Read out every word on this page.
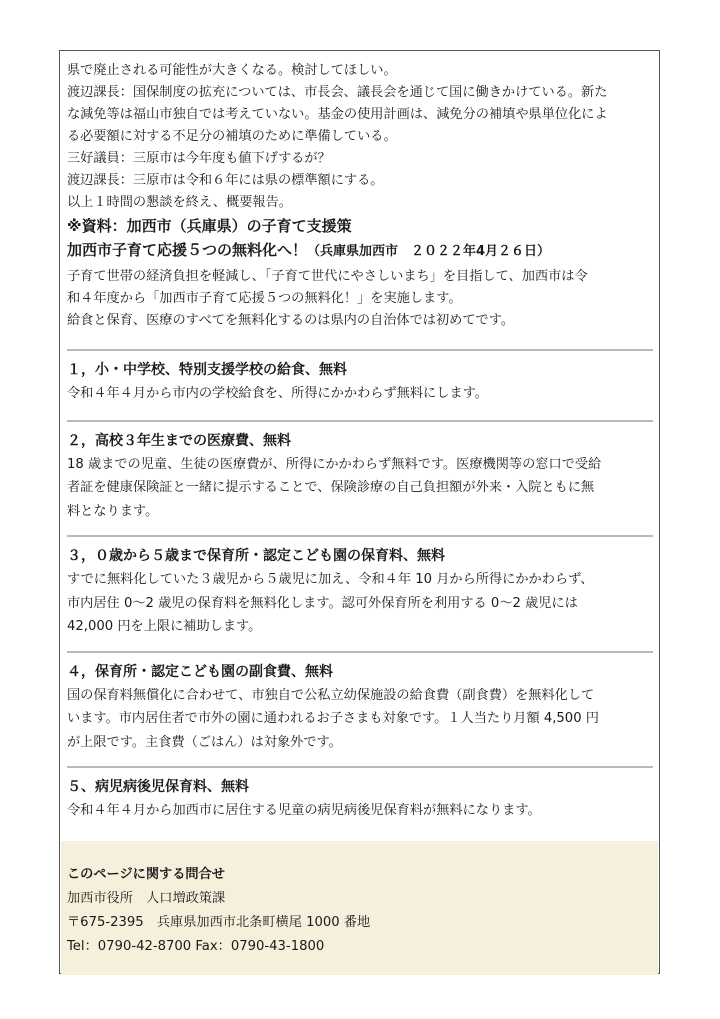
県で廃止される可能性が大きくなる。検討してほしい。
渡辺課長：国保制度の拡充については、市長会、議長会を通じて国に働きかけている。新た
な減免等は福山市独自では考えていない。基金の使用計画は、減免分の補填や県単位化によ
る必要額に対する不足分の補填のために準備している。
三好議員：三原市は今年度も値下げするが？
渡辺課長：三原市は令和６年には県の標準額にする。
以上１時間の懇談を終え、概要報告。
※資料：加西市（兵庫県）の子育て支援策
加西市子育て応援５つの無料化へ！（兵庫県加西市　２０２２年4月２６日）
子育て世帯の経済負担を軽減し、「子育て世代にやさしいまち」を目指して、加西市は令
和４年度から「加西市子育て応援５つの無料化！」を実施します。
給食と保育、医療のすべてを無料化するのは県内の自治体では初めてです。
１，小・中学校、特別支援学校の給食、無料
令和４年４月から市内の学校給食を、所得にかかわらず無料にします。
２，高校３年生までの医療費、無料
18 歳までの児童、生徒の医療費が、所得にかかわらず無料です。医療機関等の窓口で受給
者証を健康保険証と一緒に提示することで、保険診療の自己負担額が外来・入院ともに無
料となります。
３，０歳から５歳まで保育所・認定こども園の保育料、無料
すでに無料化していた３歳児から５歳児に加え、令和４年 10 月から所得にかかわらず、
市内居住 0～2 歳児の保育料を無料化します。認可外保育所を利用する 0～2 歳児には
42,000 円を上限に補助します。
４，保育所・認定こども園の副食費、無料
国の保育料無償化に合わせて、市独自で公私立幼保施設の給食費（副食費）を無料化して
います。市内居住者で市外の園に通われるお子さまも対象です。１人当たり月額 4,500 円
が上限です。主食費（ごはん）は対象外です。
５、病児病後児保育料、無料
令和４年４月から加西市に居住する児童の病児病後児保育料が無料になります。
このページに関する問合せ
加西市役所　人口増政策課
〒675-2395　兵庫県加西市北条町横尾 1000 番地
Tel：0790-42-8700 Fax：0790-43-1800
